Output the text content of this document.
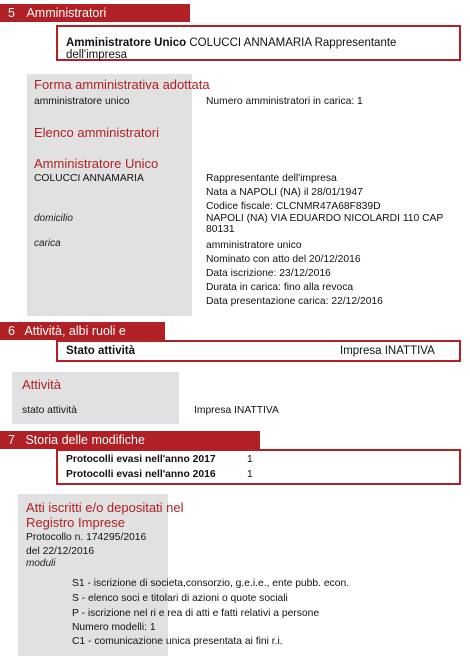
5 Amministratori
Amministratore Unico COLUCCI ANNAMARIA Rappresentante dell'impresa
Forma amministrativa adottata
amministratore unico	Numero amministratori in carica: 1
Elenco amministratori
Amministratore Unico
COLUCCI ANNAMARIA	Rappresentante dell'impresa
Nata a NAPOLI (NA) il 28/01/1947
Codice fiscale: CLCNMR47A68F839D
domicilio	NAPOLI (NA) VIA EDUARDO NICOLARDI 110 CAP 80131
carica	amministratore unico
Nominato con atto del 20/12/2016
Data iscrizione: 23/12/2016
Durata in carica: fino alla revoca
Data presentazione carica: 22/12/2016
6 Attività, albi ruoli e licenze	Stato attività	Impresa INATTIVA
Attività
stato attività	Impresa INATTIVA
7 Storia delle modifiche
Protocolli evasi nell'anno 2017	1
Protocolli evasi nell'anno 2016	1
Atti iscritti e/o depositati nel
Registro Imprese
Protocollo n. 174295/2016
del 22/12/2016
moduli
S1 - iscrizione di societa,consorzio, g.e.i.e., ente pubb. econ.
S - elenco soci e titolari di azioni o quote sociali
P - iscrizione nel ri e rea di atti e fatti relativi a persone
Numero modelli: 1
C1 - comunicazione unica presentata ai fini r.i.
